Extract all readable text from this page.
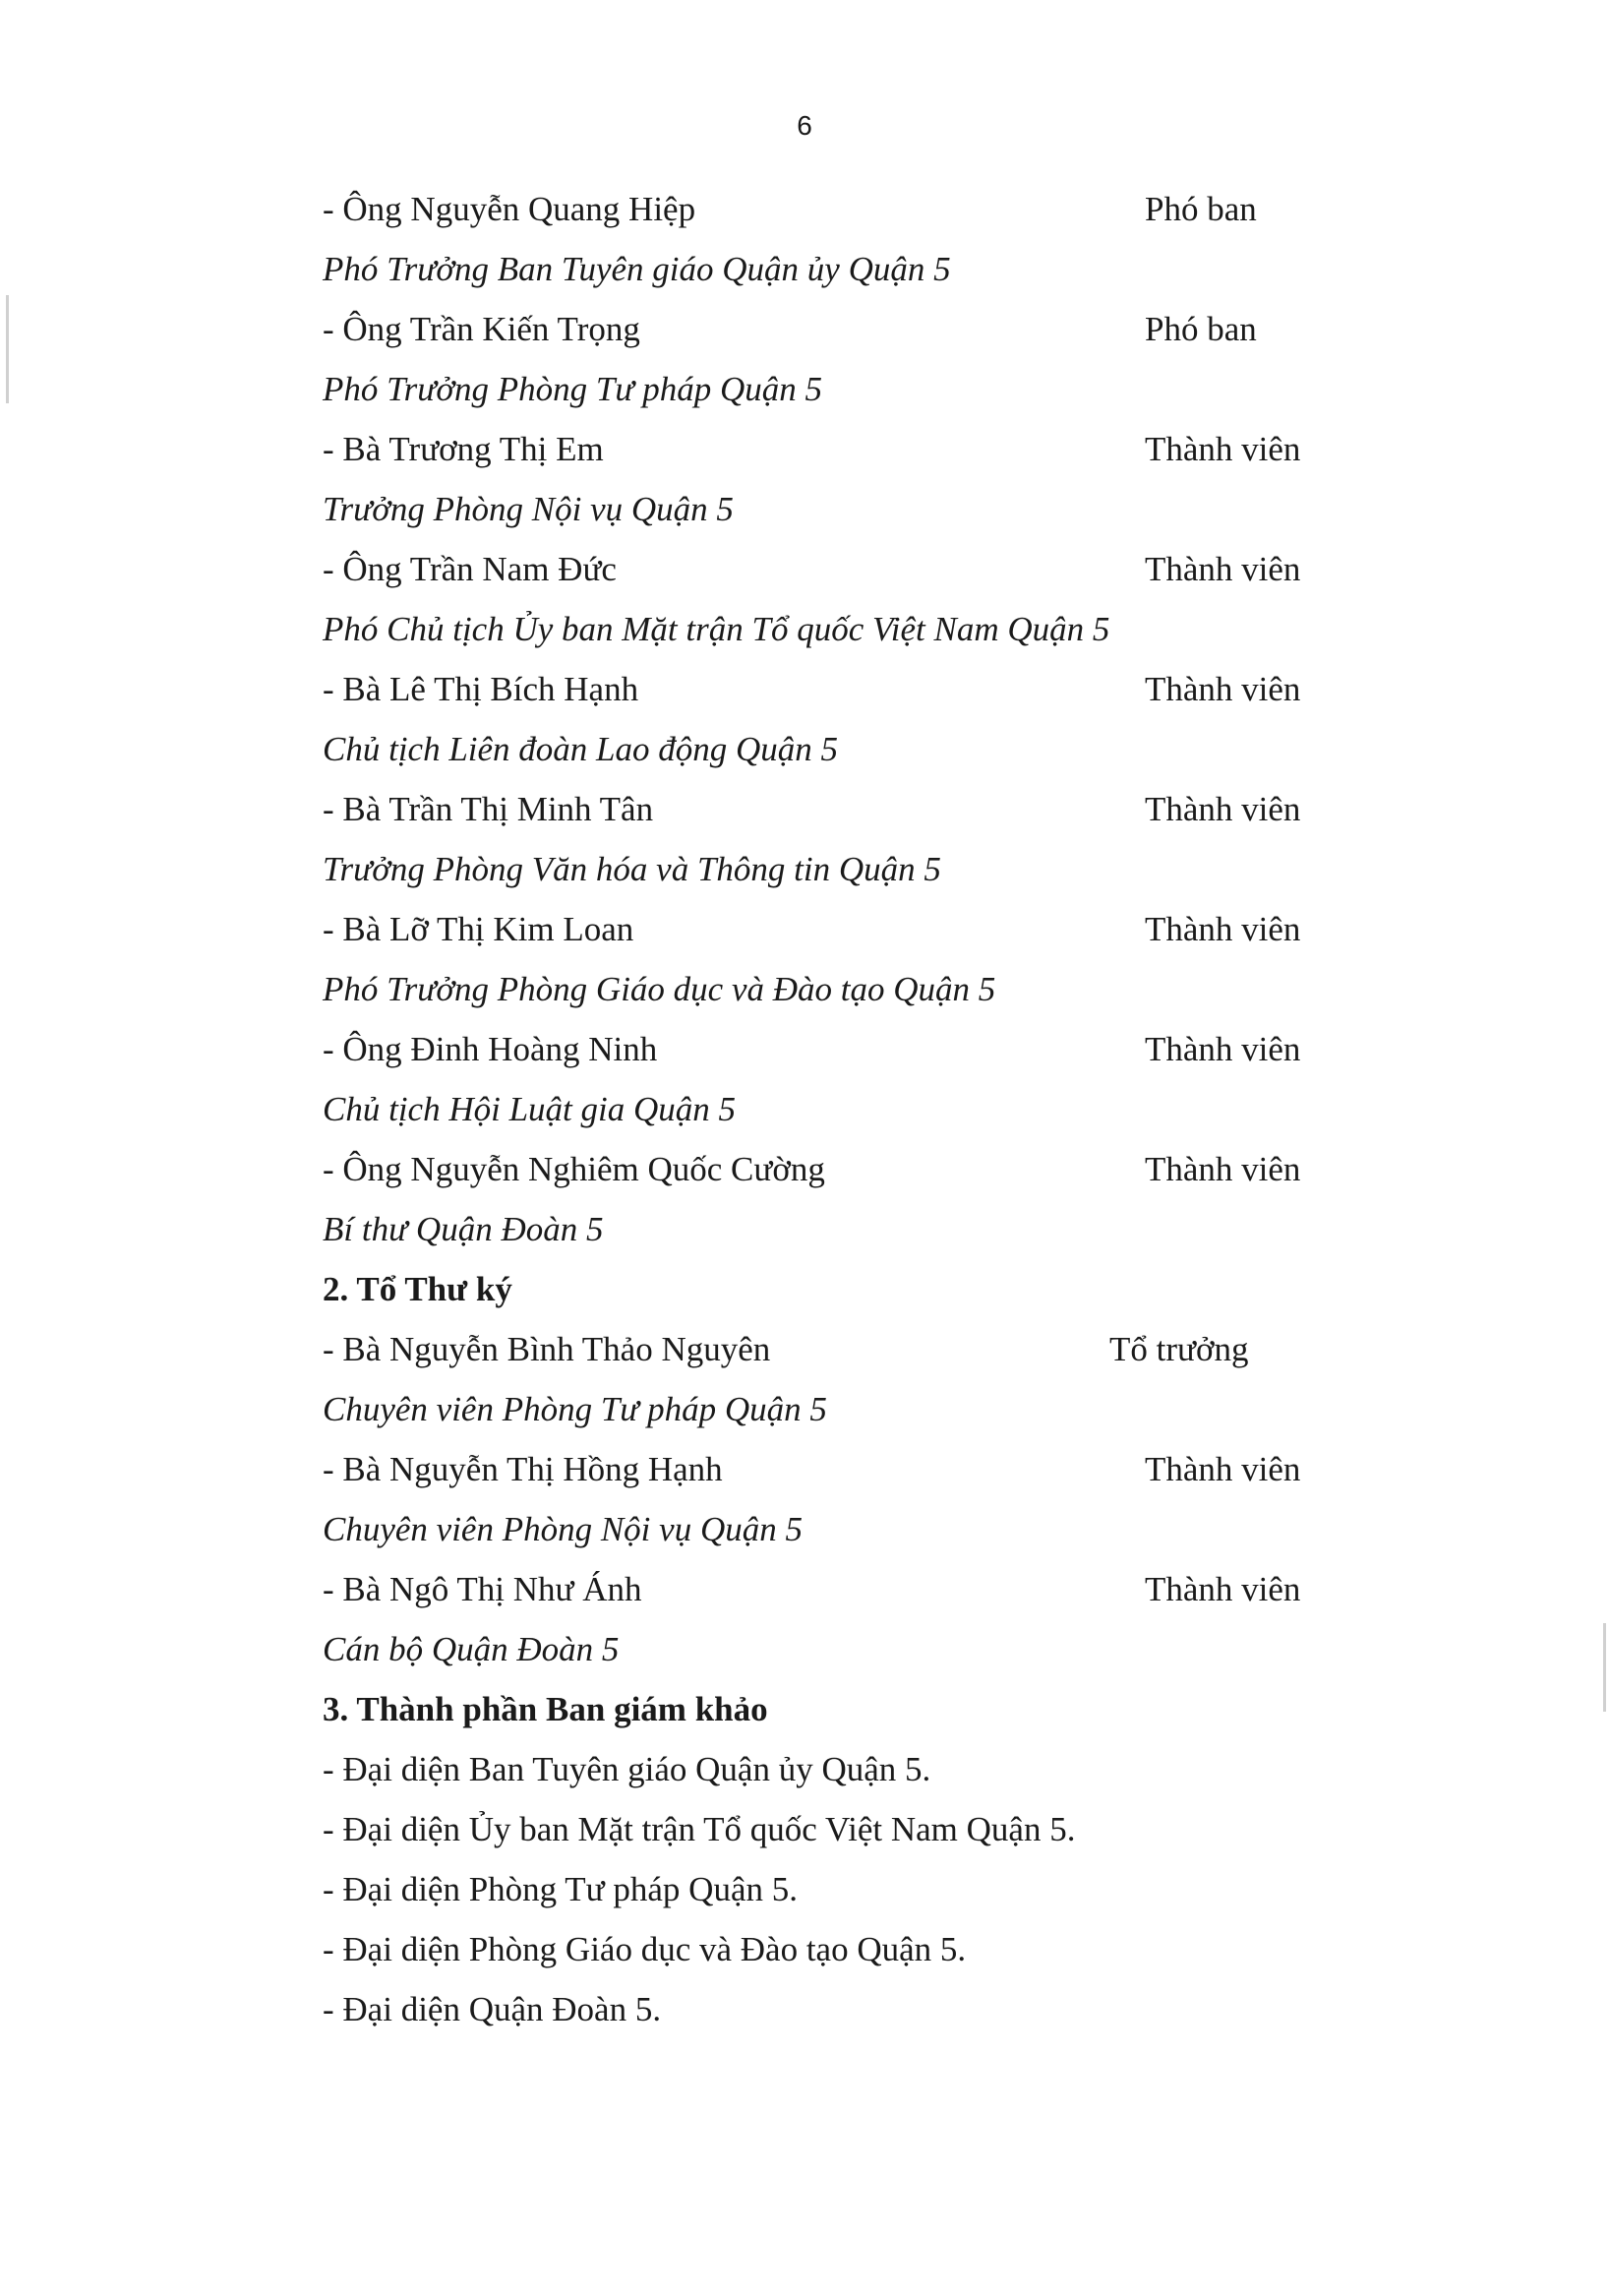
6
- Ông Nguyễn Quang Hiệp	Phó ban
Phó Trưởng Ban Tuyên giáo Quận ủy Quận 5
- Ông Trần Kiến Trọng	Phó ban
Phó Trưởng Phòng Tư pháp Quận 5
- Bà Trương Thị Em	Thành viên
Trưởng Phòng Nội vụ Quận 5
- Ông Trần Nam Đức	Thành viên
Phó Chủ tịch Ủy ban Mặt trận Tổ quốc Việt Nam Quận 5
- Bà Lê Thị Bích Hạnh	Thành viên
Chủ tịch Liên đoàn Lao động Quận 5
- Bà Trần Thị Minh Tân	Thành viên
Trưởng Phòng Văn hóa và Thông tin Quận 5
- Bà Lỡ Thị Kim Loan	Thành viên
Phó Trưởng Phòng Giáo dục và Đào tạo Quận 5
- Ông Đinh Hoàng Ninh	Thành viên
Chủ tịch Hội Luật gia Quận 5
- Ông Nguyễn Nghiêm Quốc Cường	Thành viên
Bí thư Quận Đoàn 5
2. Tổ Thư ký
- Bà Nguyễn Bình Thảo Nguyên	Tổ trưởng
Chuyên viên Phòng Tư pháp Quận 5
- Bà Nguyễn Thị Hồng Hạnh	Thành viên
Chuyên viên Phòng Nội vụ Quận 5
- Bà Ngô Thị Như Ánh	Thành viên
Cán bộ Quận Đoàn 5
3. Thành phần Ban giám khảo
- Đại diện Ban Tuyên giáo Quận ủy Quận 5.
- Đại diện Ủy ban Mặt trận Tổ quốc Việt Nam Quận 5.
- Đại diện Phòng Tư pháp Quận 5.
- Đại diện Phòng Giáo dục và Đào tạo Quận 5.
- Đại diện Quận Đoàn 5.
